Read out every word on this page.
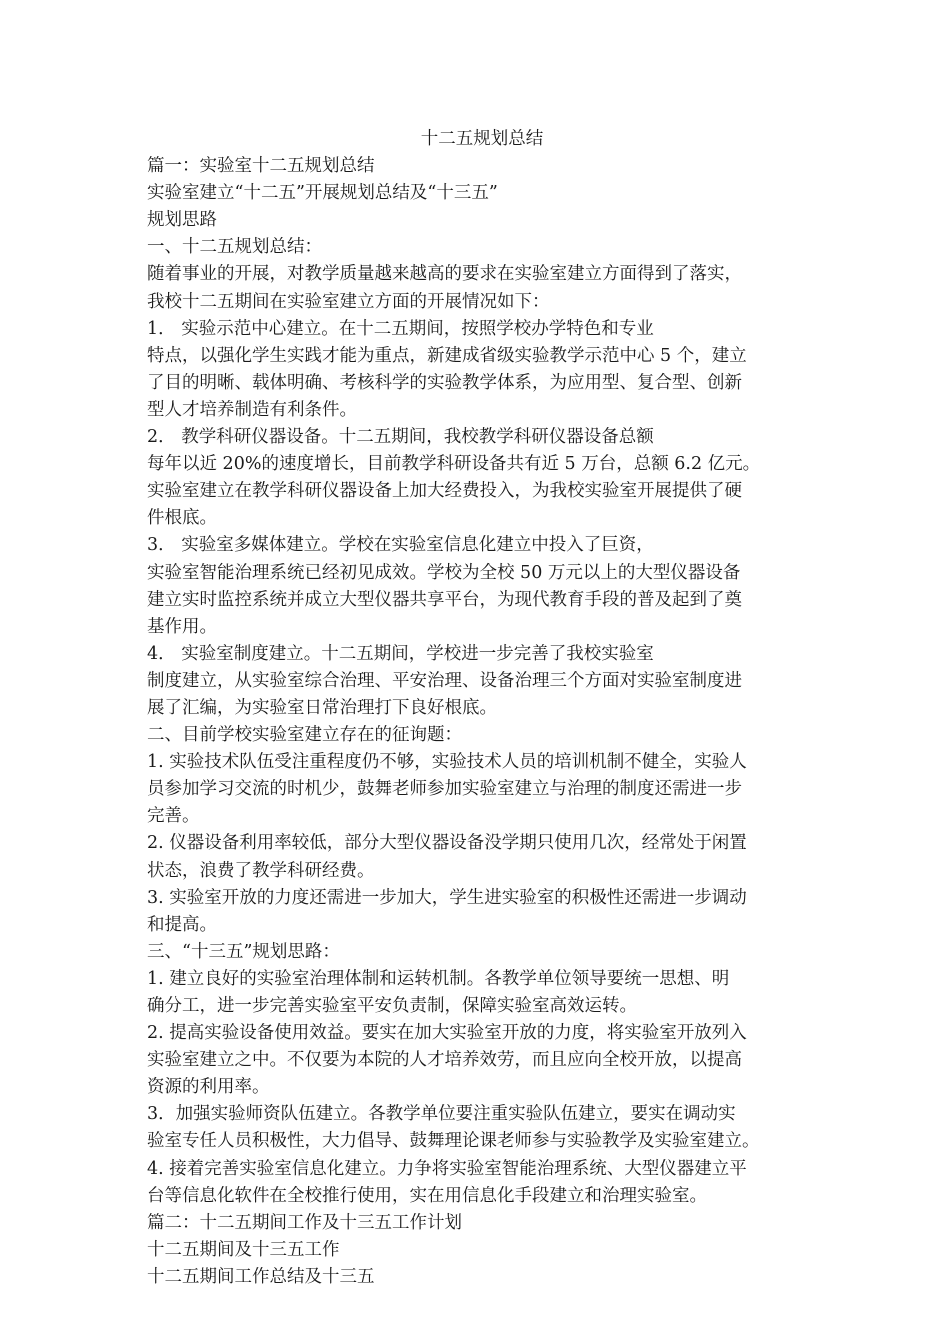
十二五规划总结
篇一：实验室十二五规划总结
实验室建立“十二五”开展规划总结及“十三五”
规划思路
一、十二五规划总结：
随着事业的开展，对教学质量越来越高的要求在实验室建立方面得到了落实，
我校十二五期间在实验室建立方面的开展情况如下：
1． 实验示范中心建立。在十二五期间，按照学校办学特色和专业
特点，以强化学生实践才能为重点，新建成省级实验教学示范中心 5 个，建立
了目的明晰、载体明确、考核科学的实验教学体系，为应用型、复合型、创新
型人才培养制造有利条件。
2． 教学科研仪器设备。十二五期间，我校教学科研仪器设备总额
每年以近 20%的速度增长，目前教学科研设备共有近 5 万台，总额 6.2 亿元。
实验室建立在教学科研仪器设备上加大经费投入，为我校实验室开展提供了硬
件根底。
3． 实验室多媒体建立。学校在实验室信息化建立中投入了巨资，
实验室智能治理系统已经初见成效。学校为全校 50 万元以上的大型仪器设备
建立实时监控系统并成立大型仪器共享平台，为现代教育手段的普及起到了奠
基作用。
4． 实验室制度建立。十二五期间，学校进一步完善了我校实验室
制度建立，从实验室综合治理、平安治理、设备治理三个方面对实验室制度进
展了汇编，为实验室日常治理打下良好根底。
二、目前学校实验室建立存在的征询题：
1. 实验技术队伍受注重程度仍不够，实验技术人员的培训机制不健全，实验人
员参加学习交流的时机少，鼓舞老师参加实验室建立与治理的制度还需进一步
完善。
2. 仪器设备利用率较低，部分大型仪器设备没学期只使用几次，经常处于闲置
状态，浪费了教学科研经费。
3. 实验室开放的力度还需进一步加大，学生进实验室的积极性还需进一步调动
和提高。
三、“十三五”规划思路：
1. 建立良好的实验室治理体制和运转机制。各教学单位领导要统一思想、明
确分工，进一步完善实验室平安负责制，保障实验室高效运转。
2. 提高实验设备使用效益。要实在加大实验室开放的力度，将实验室开放列入
实验室建立之中。不仅要为本院的人才培养效劳，而且应向全校开放，以提高
资源的利用率。
3．加强实验师资队伍建立。各教学单位要注重实验队伍建立，要实在调动实
验室专任人员积极性，大力倡导、鼓舞理论课老师参与实验教学及实验室建立。
4. 接着完善实验室信息化建立。力争将实验室智能治理系统、大型仪器建立平
台等信息化软件在全校推行使用，实在用信息化手段建立和治理实验室。
篇二：十二五期间工作及十三五工作计划
十二五期间及十三五工作
十二五期间工作总结及十三五
